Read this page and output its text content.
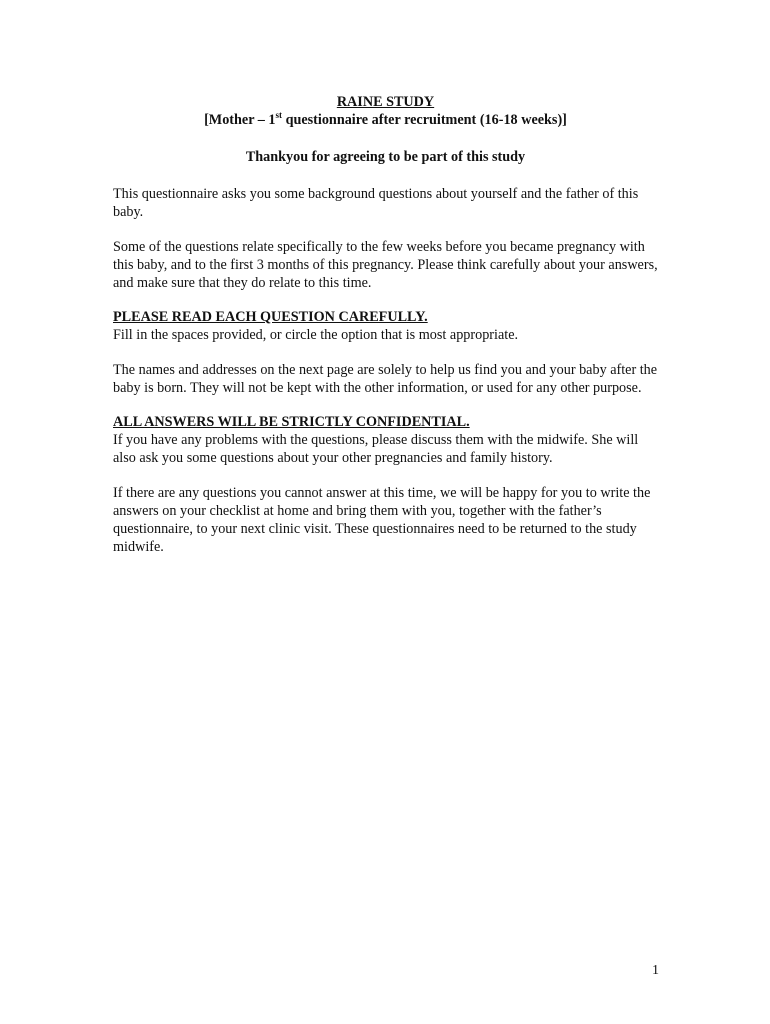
RAINE STUDY

[Mother – 1st questionnaire after recruitment (16-18 weeks)]

Thankyou for agreeing to be part of this study

This questionnaire asks you some background questions about yourself and the father of this baby.

Some of the questions relate specifically to the few weeks before you became pregnancy with this baby, and to the first 3 months of this pregnancy. Please think carefully about your answers, and make sure that they do relate to this time.

PLEASE READ EACH QUESTION CAREFULLY.

Fill in the spaces provided, or circle the option that is most appropriate.

The names and addresses on the next page are solely to help us find you and your baby after the baby is born. They will not be kept with the other information, or used for any other purpose.

ALL ANSWERS WILL BE STRICTLY CONFIDENTIAL.

If you have any problems with the questions, please discuss them with the midwife. She will also ask you some questions about your other pregnancies and family history.

If there are any questions you cannot answer at this time, we will be happy for you to write the answers on your checklist at home and bring them with you, together with the father’s questionnaire, to your next clinic visit. These questionnaires need to be returned to the study midwife.

1
